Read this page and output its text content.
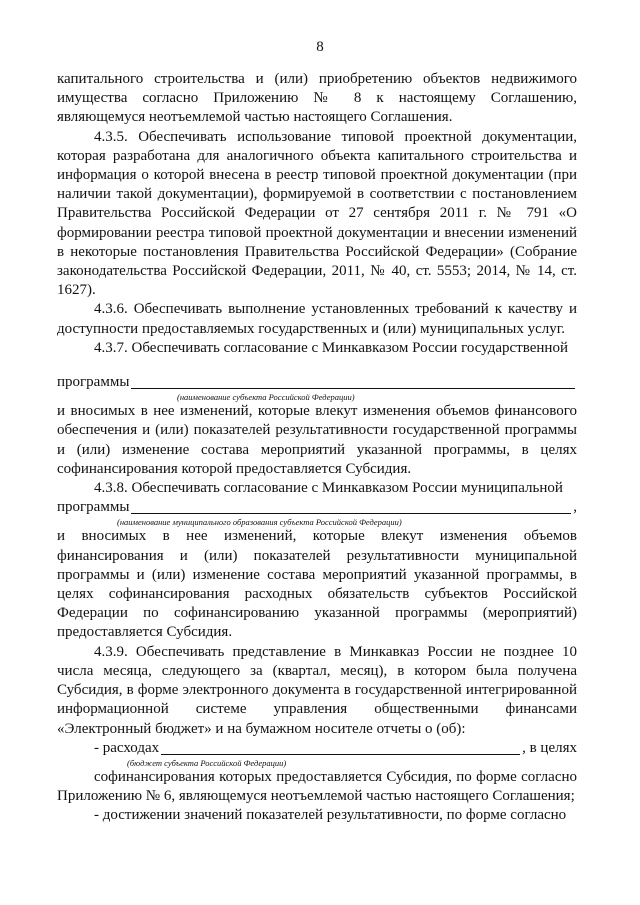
8

капитального строительства и (или) приобретению объектов недвижимого имущества согласно Приложению № 8 к настоящему Соглашению, являющемуся неотъемлемой частью настоящего Соглашения.

4.3.5. Обеспечивать использование типовой проектной документации, которая разработана для аналогичного объекта капитального строительства и информация о которой внесена в реестр типовой проектной документации (при наличии такой документации), формируемой в соответствии с постановлением Правительства Российской Федерации от 27 сентября 2011 г. № 791 «О формировании реестра типовой проектной документации и внесении изменений в некоторые постановления Правительства Российской Федерации» (Собрание законодательства Российской Федерации, 2011, № 40, ст. 5553; 2014, № 14, ст. 1627).

4.3.6. Обеспечивать выполнение установленных требований к качеству и доступности предоставляемых государственных и (или) муниципальных услуг.

4.3.7. Обеспечивать согласование с Минкавказом России государственной

программы

(наименование субъекта Российской Федерации)

и вносимых в нее изменений, которые влекут изменения объемов финансового обеспечения и (или) показателей результативности государственной программы и (или) изменение состава мероприятий указанной программы, в целях софинансирования которой предоставляется Субсидия.

4.3.8. Обеспечивать согласование с Минкавказом России муниципальной

программы	,

(наименование муниципального образования субъекта Российской Федерации)

и вносимых в нее изменений, которые влекут изменения объемов финансирования и (или) показателей результативности муниципальной программы и (или) изменение состава мероприятий указанной программы, в целях софинансирования расходных обязательств субъектов Российской Федерации по софинансированию указанной программы (мероприятий) предоставляется Субсидия.

4.3.9. Обеспечивать представление в Минкавказ России не позднее 10 числа месяца, следующего за (квартал, месяц), в котором была получена Субсидия, в форме электронного документа в государственной интегрированной информационной системе управления общественными финансами «Электронный бюджет» и на бумажном носителе отчеты о (об):

- расходах	, в целях

(бюджет субъекта Российской Федерации)

софинансирования которых предоставляется Субсидия, по форме согласно Приложению № 6, являющемуся неотъемлемой частью настоящего Соглашения;

- достижении значений показателей результативности, по форме согласно
